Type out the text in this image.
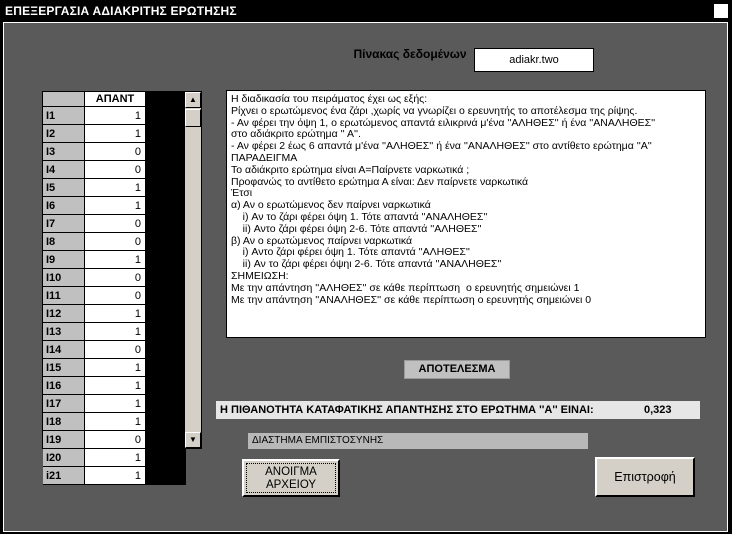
ΕΠΕΞΕΡΓΑΣΙΑ ΑΔΙΑΚΡΙΤΗΣ ΕΡΩΤΗΣΗΣ
Πίνακας δεδομένων	adiakr.two
	ΑΠΑΝΤ	
I1	1	
I2	1	
I3	0	
I4	0	
I5	1	
I6	1	
I7	0	
I8	0	
I9	1	
I10	0	
I11	0	
I12	1	
I13	1	
I14	0	
I15	1	
I16	1	
I17	1	
I18	1	
I19	0	
I20	1	
i21	1	
▲
▼
Η διαδικασία του πειράματος έχει ως εξής:
Ρίχνει ο ερωτώμενος ένα ζάρι ,χωρίς να γνωρίζει ο ερευνητής το αποτέλεσμα της ρίψης.
- Αν φέρει την όψη 1, ο ερωτώμενος απαντά ειλικρινά μ'ένα ''ΑΛΗΘΕΣ'' ή ένα ''ΑΝΑΛΗΘΕΣ''
στο αδιάκριτο ερώτημα '' Α''.
- Αν φέρει 2 έως 6 απαντά μ'ένα ''ΑΛΗΘΕΣ'' ή ένα ''ΑΝΑΛΗΘΕΣ'' στο αντίθετο ερώτημα ''Α''
ΠΑΡΑΔΕΙΓΜΑ
Το αδιάκριτο ερώτημα είναι Α=Παίρνετε ναρκωτικά ;
Προφανώς το αντίθετο ερώτημα Α είναι: Δεν παίρνετε ναρκωτικά
Έτσι
α) Αν ο ερωτώμενος δεν παίρνει ναρκωτικά
i) Αν το ζάρι φέρει όψη 1. Τότε απαντά ''ΑΝΑΛΗΘΕΣ''
ii) Αντο ζάρι φέρει όψη 2-6. Τότε απαντά ''ΑΛΗΘΕΣ''
β) Αν ο ερωτώμενος παίρνει ναρκωτικά
i) Αντο ζάρι φέρει όψη 1. Τότε απαντά ''ΑΛΗΘΕΣ''
ii) Αν το ζάρι φέρει όψηι 2-6. Τότε απαντά ''ΑΝΑΛΗΘΕΣ''
ΣΗΜΕΙΩΣΗ:
Με την απάντηση ''ΑΛΗΘΕΣ'' σε κάθε περίπτωση  ο ερευνητής σημειώνει 1
Με την απάντηση ''ΑΝΑΛΗΘΕΣ'' σε κάθε περίπτωση ο ερευνητής σημειώνει 0
ΑΠΟΤΕΛΕΣΜΑ
Η ΠΙΘΑΝΟΤΗΤΑ ΚΑΤΑΦΑΤΙΚΗΣ ΑΠΑΝΤΗΣΗΣ ΣΤΟ ΕΡΩΤΗΜΑ ''Α'' ΕΙΝΑΙ:	0,323
ΔΙΑΣΤΗΜΑ ΕΜΠΙΣΤΟΣΥΝΗΣ
ΑΝΟΙΓΜΑ
ΑΡΧΕΙΟΥ
Επιστροφή
